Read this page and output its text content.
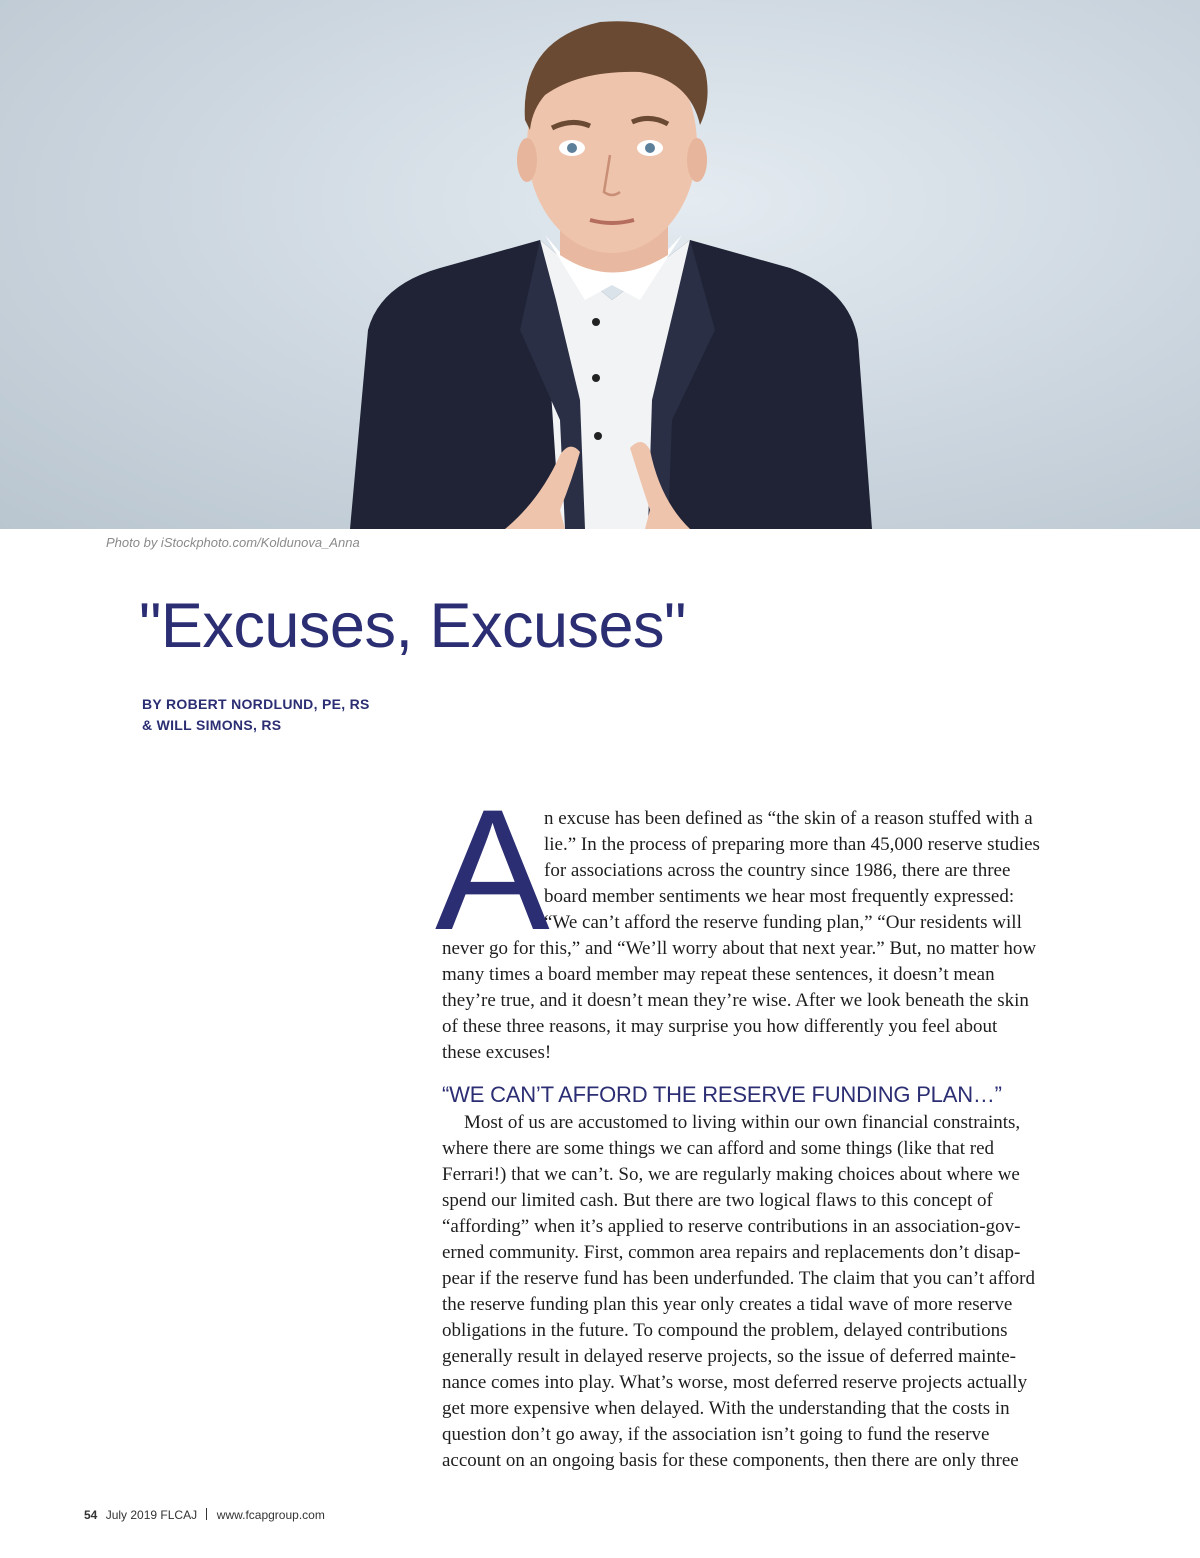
Photo by iStockphoto.com/Koldunova_Anna
"Excuses, Excuses"
BY ROBERT NORDLUND, PE, RS
& WILL SIMONS, RS
A

n excuse has been defined as “the skin of a reason stuffed with a
lie.” In the process of preparing more than 45,000 reserve studies
for associations across the country since 1986, there are three
board member sentiments we hear most frequently expressed:
“We can’t afford the reserve funding plan,” “Our residents will
never go for this,” and “We’ll worry about that next year.” But, no matter how
many times a board member may repeat these sentences, it doesn’t mean
they’re true, and it doesn’t mean they’re wise. After we look beneath the skin
of these three reasons, it may surprise you how differently you feel about
these excuses!

“WE CAN’T AFFORD THE RESERVE FUNDING PLAN…”

Most of us are accustomed to living within our own financial constraints,
where there are some things we can afford and some things (like that red
Ferrari!) that we can’t. So, we are regularly making choices about where we
spend our limited cash. But there are two logical flaws to this concept of
“affording” when it’s applied to reserve contributions in an association-gov-
erned community. First, common area repairs and replacements don’t disap-
pear if the reserve fund has been underfunded. The claim that you can’t afford
the reserve funding plan this year only creates a tidal wave of more reserve
obligations in the future. To compound the problem, delayed contributions
generally result in delayed reserve projects, so the issue of deferred mainte-
nance comes into play. What’s worse, most deferred reserve projects actually
get more expensive when delayed. With the understanding that the costs in
question don’t go away, if the association isn’t going to fund the reserve
account on an ongoing basis for these components, then there are only three

54 July 2019 FLCAJ www.fcapgroup.com
